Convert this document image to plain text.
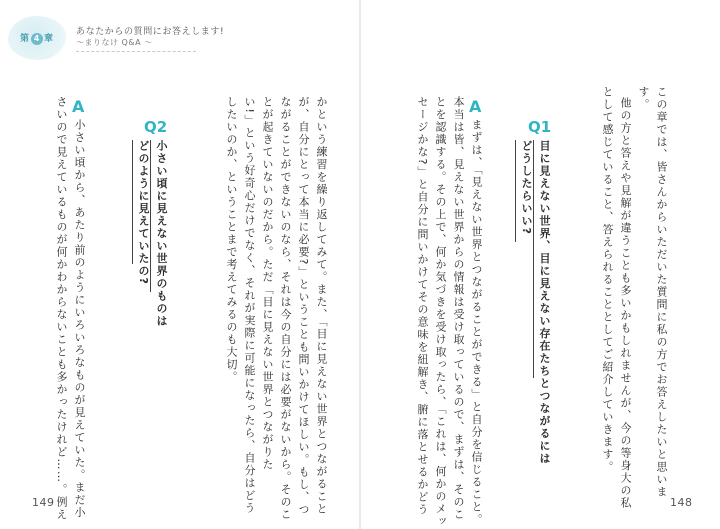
第 4 章
あなたからの質問にお答えします!
〜まりなけ Q&A 〜
この章では、皆さんからいただいた質問に私の方でお答えしたいと思いま
す。
他の方と答えや見解が違うことも多いかもしれませんが、今の等身大の私
として感じていること、答えられることとしてご紹介していきます。
Q1
目に見えない世界、目に見えない存在たちとつながるには
どうしたらいい?
A
まずは、「見えない世界とつながることができる」と自分を信じること。
本当は皆、見えない世界からの情報は受け取っているので、まずは、そのこ
とを認識する。その上で、何か気づきを受け取ったら、「これは、何かのメッ
セージかな?」と自分に問いかけてその意味を紐解き、腑に落とせるかどう	148
かという練習を繰り返してみて。また、「目に見えない世界とつながること
が、自分にとって本当に必要?」ということも問いかけてほしい。もし、つ
ながることができないのなら、それは今の自分には必要がないから。そのこ
とが起きていないのだから。ただ「目に見えない世界とつながりた
い!」という好奇心だけでなく、それが実際に可能になったら、自分はどう
したいのか、ということまで考えてみるのも大切。
Q2
小さい頃に見えない世界のものは
どのように見えていたの?
A
小さい頃から、あたり前のようにいろいろなものが見えていた。まだ小
さいので見えているものが何かわからないことも多かったけれど……。例え
149
